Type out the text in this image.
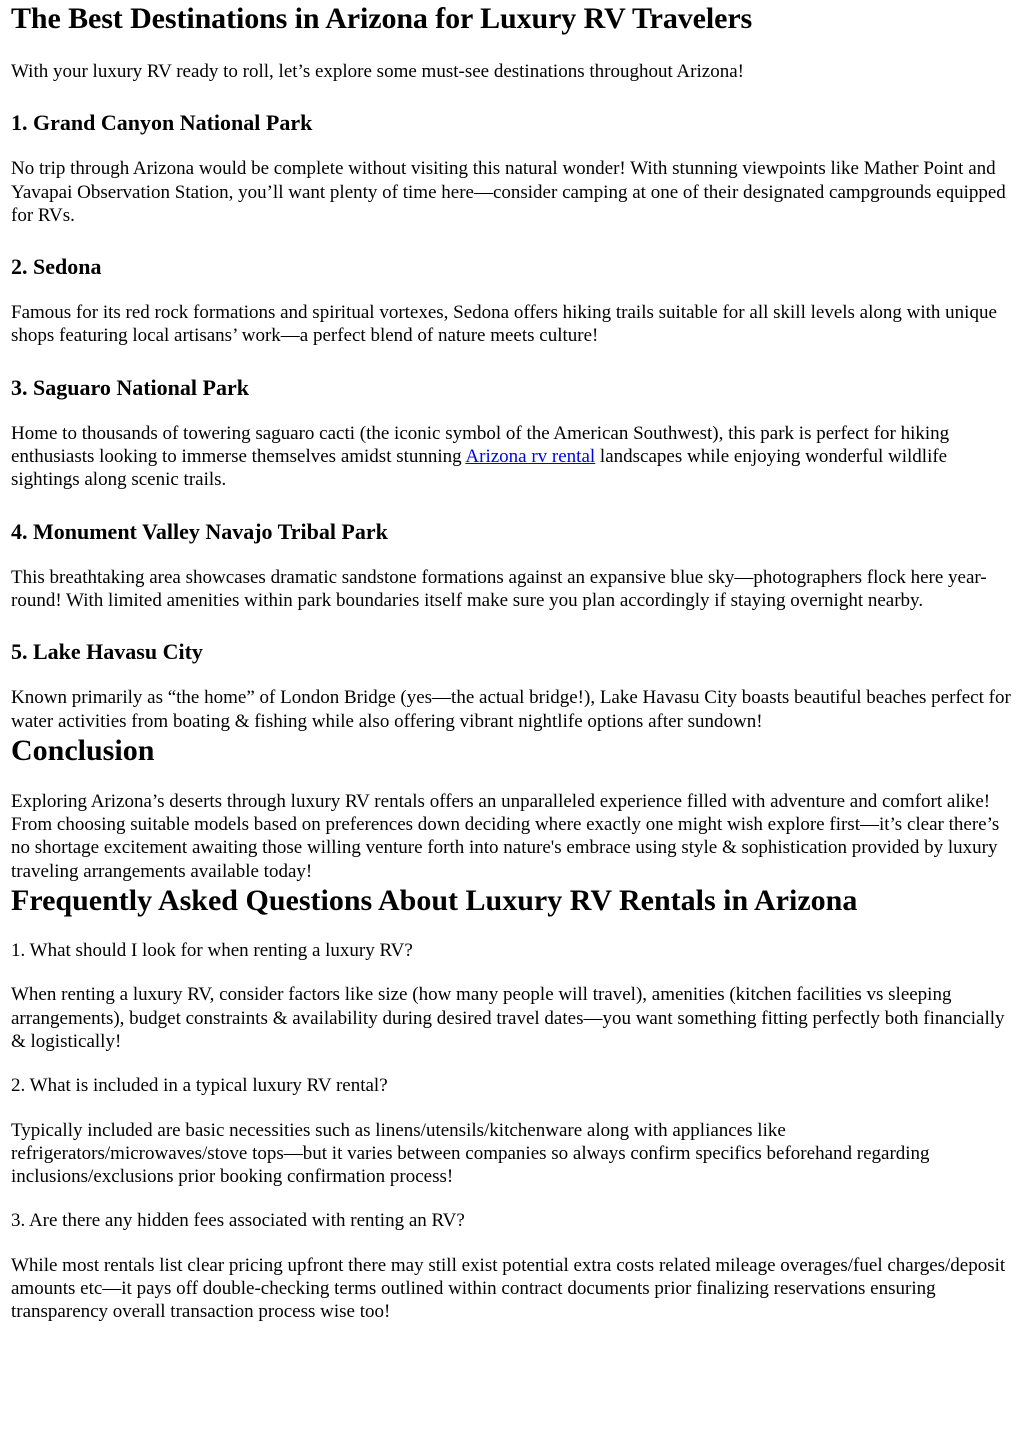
The Best Destinations in Arizona for Luxury RV Travelers

With your luxury RV ready to roll, let’s explore some must-see destinations throughout Arizona!

1. Grand Canyon National Park

No trip through Arizona would be complete without visiting this natural wonder! With stunning viewpoints like Mather Point and Yavapai Observation Station, you’ll want plenty of time here—consider camping at one of their designated campgrounds equipped for RVs.

2. Sedona

Famous for its red rock formations and spiritual vortexes, Sedona offers hiking trails suitable for all skill levels along with unique shops featuring local artisans’ work—a perfect blend of nature meets culture!

3. Saguaro National Park

Home to thousands of towering saguaro cacti (the iconic symbol of the American Southwest), this park is perfect for hiking enthusiasts looking to immerse themselves amidst stunning Arizona rv rental landscapes while enjoying wonderful wildlife sightings along scenic trails.

4. Monument Valley Navajo Tribal Park

This breathtaking area showcases dramatic sandstone formations against an expansive blue sky—photographers flock here year-round! With limited amenities within park boundaries itself make sure you plan accordingly if staying overnight nearby.

5. Lake Havasu City

Known primarily as “the home” of London Bridge (yes—the actual bridge!), Lake Havasu City boasts beautiful beaches perfect for water activities from boating & fishing while also offering vibrant nightlife options after sundown!

Conclusion

Exploring Arizona’s deserts through luxury RV rentals offers an unparalleled experience filled with adventure and comfort alike! From choosing suitable models based on preferences down deciding where exactly one might wish explore first—it’s clear there’s no shortage excitement awaiting those willing venture forth into nature's embrace using style & sophistication provided by luxury traveling arrangements available today!

Frequently Asked Questions About Luxury RV Rentals in Arizona

1. What should I look for when renting a luxury RV?

When renting a luxury RV, consider factors like size (how many people will travel), amenities (kitchen facilities vs sleeping arrangements), budget constraints & availability during desired travel dates—you want something fitting perfectly both financially & logistically!

2. What is included in a typical luxury RV rental?

Typically included are basic necessities such as linens/utensils/kitchenware along with appliances like refrigerators/microwaves/stove tops—but it varies between companies so always confirm specifics beforehand regarding inclusions/exclusions prior booking confirmation process!

3. Are there any hidden fees associated with renting an RV?

While most rentals list clear pricing upfront there may still exist potential extra costs related mileage overages/fuel charges/deposit amounts etc—it pays off double-checking terms outlined within contract documents prior finalizing reservations ensuring transparency overall transaction process wise too!
